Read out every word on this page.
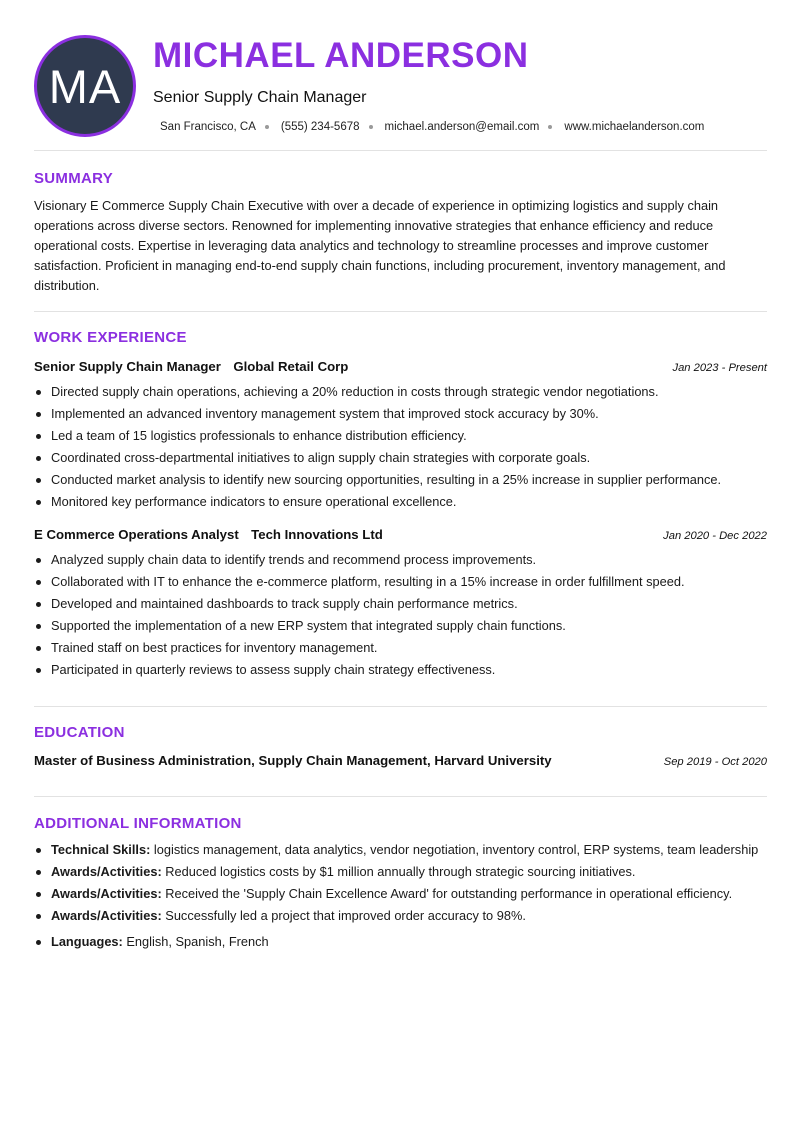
MA
MICHAEL ANDERSON
Senior Supply Chain Manager
San Francisco, CA (555) 234-5678 michael.anderson@email.com www.michaelanderson.com
SUMMARY

Visionary E Commerce Supply Chain Executive with over a decade of experience in optimizing logistics and supply chain operations across diverse sectors. Renowned for implementing innovative strategies that enhance efficiency and reduce operational costs. Expertise in leveraging data analytics and technology to streamline processes and improve customer satisfaction. Proficient in managing end-to-end supply chain functions, including procurement, inventory management, and distribution.

WORK EXPERIENCE
Senior Supply Chain Manager Global Retail Corp	Jan 2023 - Present
Directed supply chain operations, achieving a 20% reduction in costs through strategic vendor negotiations.
Implemented an advanced inventory management system that improved stock accuracy by 30%.
Led a team of 15 logistics professionals to enhance distribution efficiency.
Coordinated cross-departmental initiatives to align supply chain strategies with corporate goals.
Conducted market analysis to identify new sourcing opportunities, resulting in a 25% increase in supplier performance.
Monitored key performance indicators to ensure operational excellence.
E Commerce Operations Analyst Tech Innovations Ltd	Jan 2020 - Dec 2022
Analyzed supply chain data to identify trends and recommend process improvements.
Collaborated with IT to enhance the e-commerce platform, resulting in a 15% increase in order fulfillment speed.
Developed and maintained dashboards to track supply chain performance metrics.
Supported the implementation of a new ERP system that integrated supply chain functions.
Trained staff on best practices for inventory management.
Participated in quarterly reviews to assess supply chain strategy effectiveness.
EDUCATION
Master of Business Administration, Supply Chain Management, Harvard University	Sep 2019 - Oct 2020
ADDITIONAL INFORMATION
Technical Skills: logistics management, data analytics, vendor negotiation, inventory control, ERP systems, team leadership
Awards/Activities: Reduced logistics costs by $1 million annually through strategic sourcing initiatives.
Awards/Activities: Received the 'Supply Chain Excellence Award' for outstanding performance in operational efficiency.
Awards/Activities: Successfully led a project that improved order accuracy to 98%.
Languages: English, Spanish, French
